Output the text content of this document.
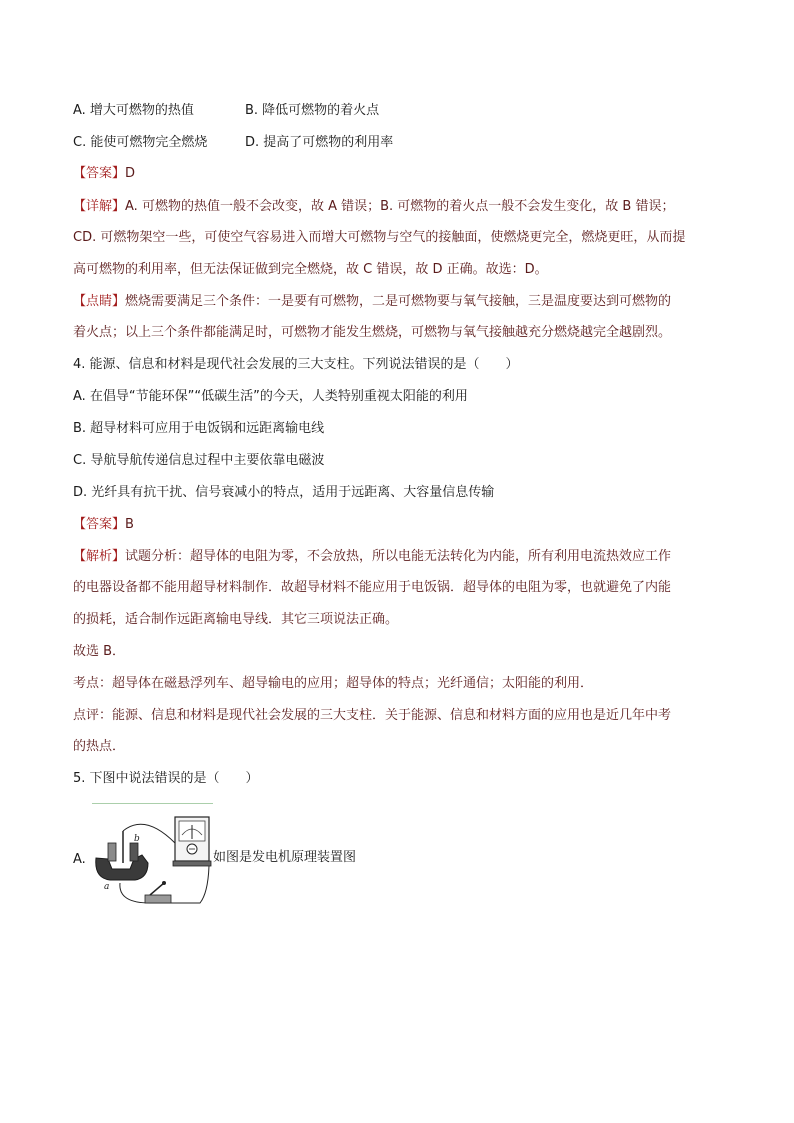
A. 增大可燃物的热值	B. 降低可燃物的着火点
C. 能使可燃物完全燃烧	D. 提高了可燃物的利用率
【答案】D
【详解】A. 可燃物的热值一般不会改变，故 A 错误；B. 可燃物的着火点一般不会发生变化，故 B 错误；
CD. 可燃物架空一些，可使空气容易进入而增大可燃物与空气的接触面，使燃烧更完全，燃烧更旺，从而提
高可燃物的利用率，但无法保证做到完全燃烧，故 C 错误，故 D 正确。故选：D。
【点睛】燃烧需要满足三个条件：一是要有可燃物，二是可燃物要与氧气接触，三是温度要达到可燃物的
着火点；以上三个条件都能满足时，可燃物才能发生燃烧，可燃物与氧气接触越充分燃烧越完全越剧烈。
4. 能源、信息和材料是现代社会发展的三大支柱。下列说法错误的是（　　）
A. 在倡导“节能环保”“低碳生活”的今天，人类特别重视太阳能的利用
B. 超导材料可应用于电饭锅和远距离输电线
C. 导航导航传递信息过程中主要依靠电磁波
D. 光纤具有抗干扰、信号衰减小的特点，适用于远距离、大容量信息传输
【答案】B
【解析】试题分析：超导体的电阻为零，不会放热，所以电能无法转化为内能，所有利用电流热效应工作
的电器设备都不能用超导材料制作．故超导材料不能应用于电饭锅．超导体的电阻为零，也就避免了内能
的损耗，适合制作远距离输电导线．其它三项说法正确。
故选 B．
考点：超导体在磁悬浮列车、超导输电的应用；超导体的特点；光纤通信；太阳能的利用．
点评：能源、信息和材料是现代社会发展的三大支柱．关于能源、信息和材料方面的应用也是近几年中考
的热点．
5. 下图中说法错误的是（　　）
A.
b
a
如图是发电机原理装置图
